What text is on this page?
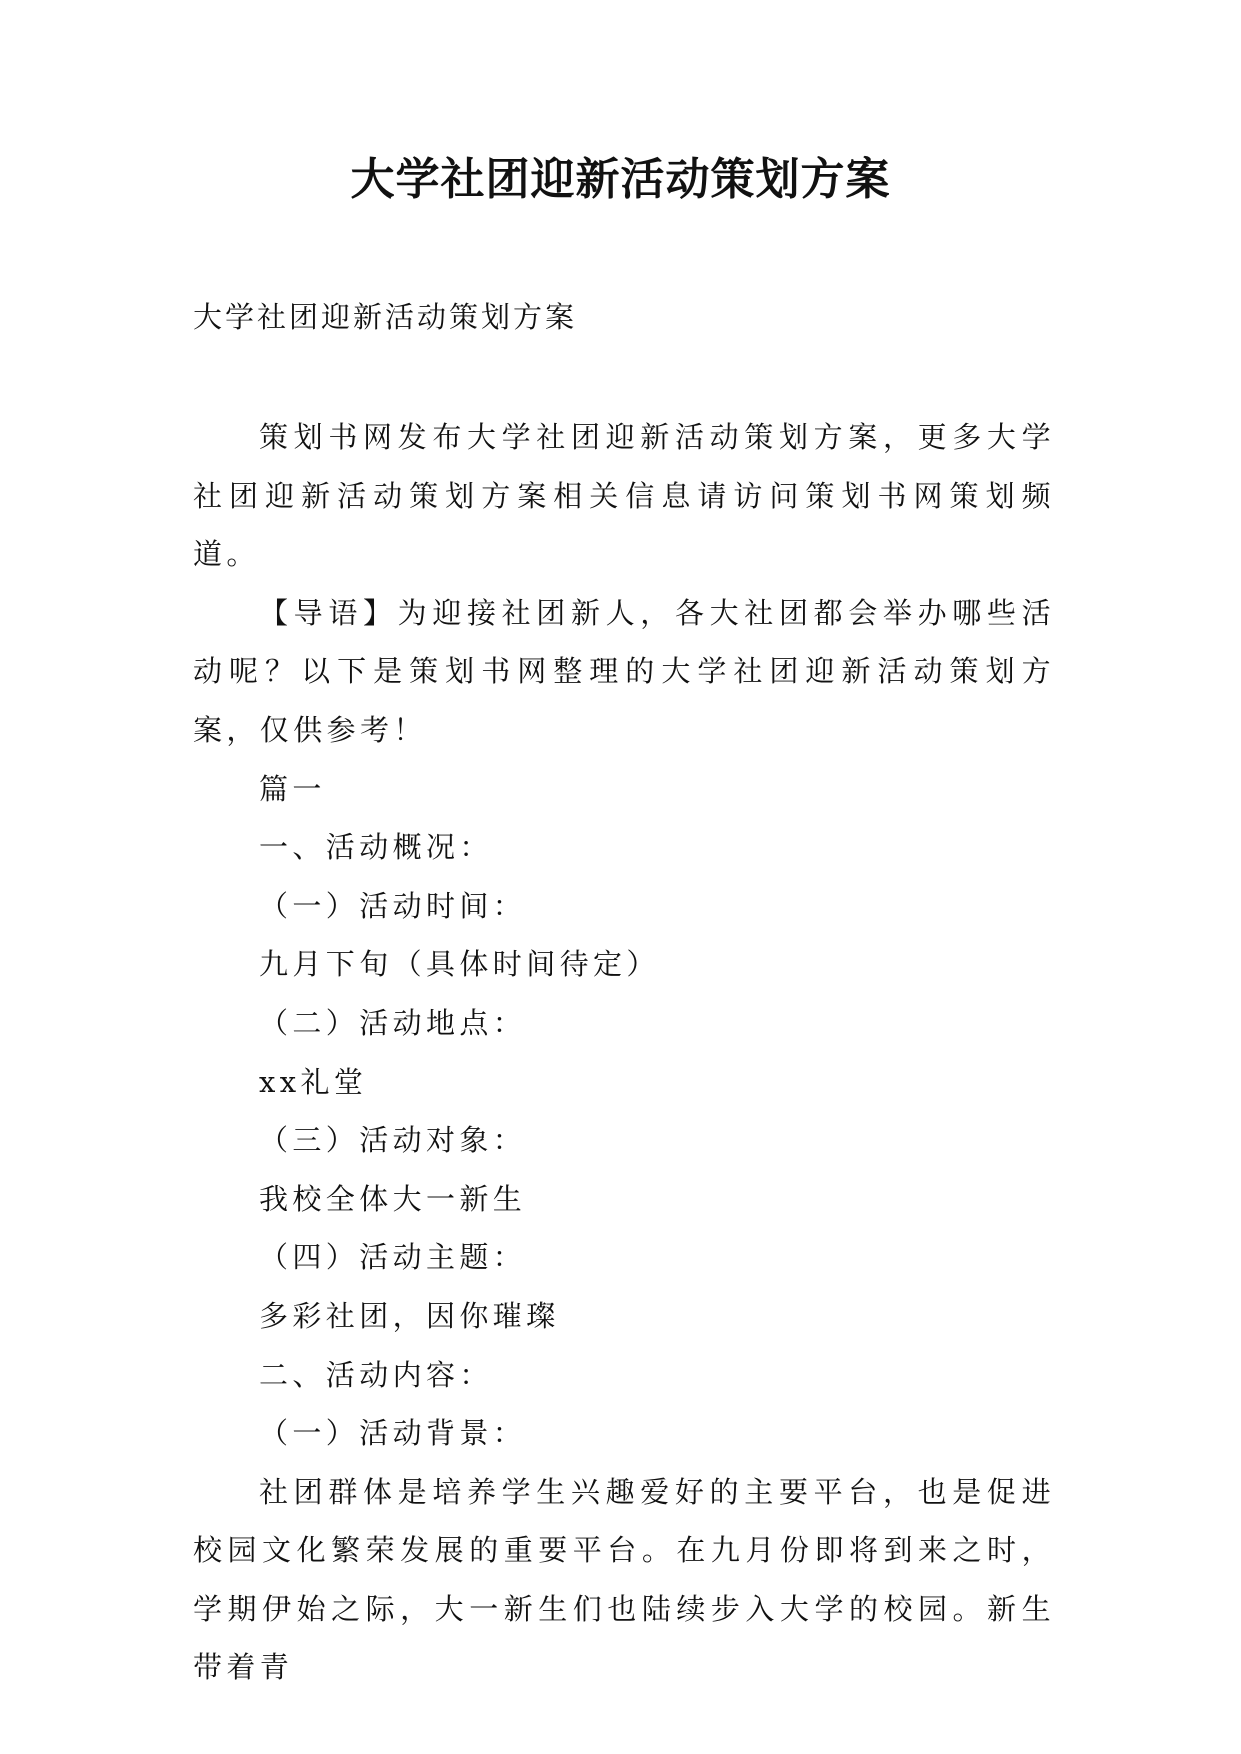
大学社团迎新活动策划方案
大学社团迎新活动策划方案

策划书网发布大学社团迎新活动策划方案，更多大学社团迎新活动策划方案相关信息请访问策划书网策划频道。

【导语】为迎接社团新人，各大社团都会举办哪些活动呢？以下是策划书网整理的大学社团迎新活动策划方案，仅供参考！

篇一

一、活动概况：

（一）活动时间：

九月下旬（具体时间待定）

（二）活动地点：

xx礼堂

（三）活动对象：

我校全体大一新生

（四）活动主题：

多彩社团，因你璀璨

二、活动内容：

（一）活动背景：

社团群体是培养学生兴趣爱好的主要平台，也是促进校园文化繁荣发展的重要平台。在九月份即将到来之时，学期伊始之际，大一新生们也陆续步入大学的校园。新生带着青
